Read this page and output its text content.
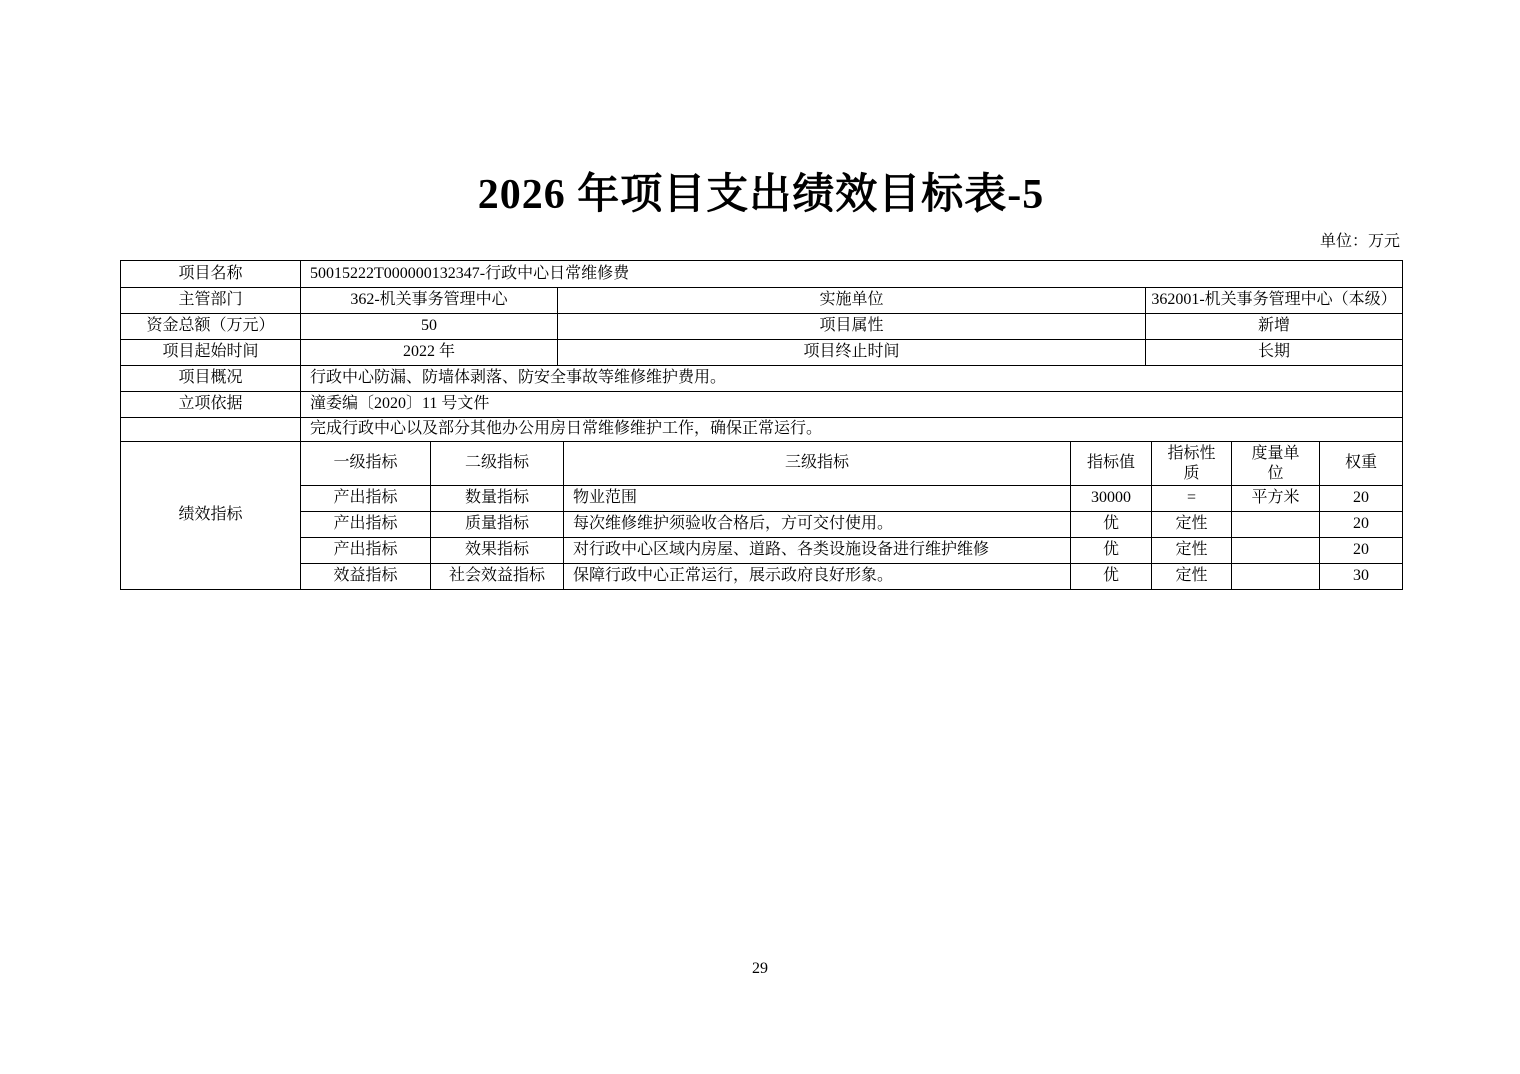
2026 年项目支出绩效目标表-5
单位：万元
项目名称	50015222T000000132347-行政中心日常维修费								
主管部门	362-机关事务管理中心		实施单位			362001-机关事务管理中心（本级）			
资金总额（万元）	50		项目属性			新增			
项目起始时间	2022 年		项目终止时间			长期			
项目概况	行政中心防漏、防墙体剥落、防安全事故等维修维护费用。								
立项依据	潼委编〔2020〕11 号文件								
	完成行政中心以及部分其他办公用房日常维修维护工作，确保正常运行。								
绩效指标	一级指标	二级指标		三级指标	指标值		指标性质	度量单位	权重
	产出指标	数量指标		物业范围	30000		=	平方米	20
	产出指标	质量指标		每次维修维护须验收合格后，方可交付使用。	优		定性		20
	产出指标	效果指标		对行政中心区域内房屋、道路、各类设施设备进行维护维修	优		定性		20
	效益指标	社会效益指标		保障行政中心正常运行，展示政府良好形象。	优		定性		30
29
